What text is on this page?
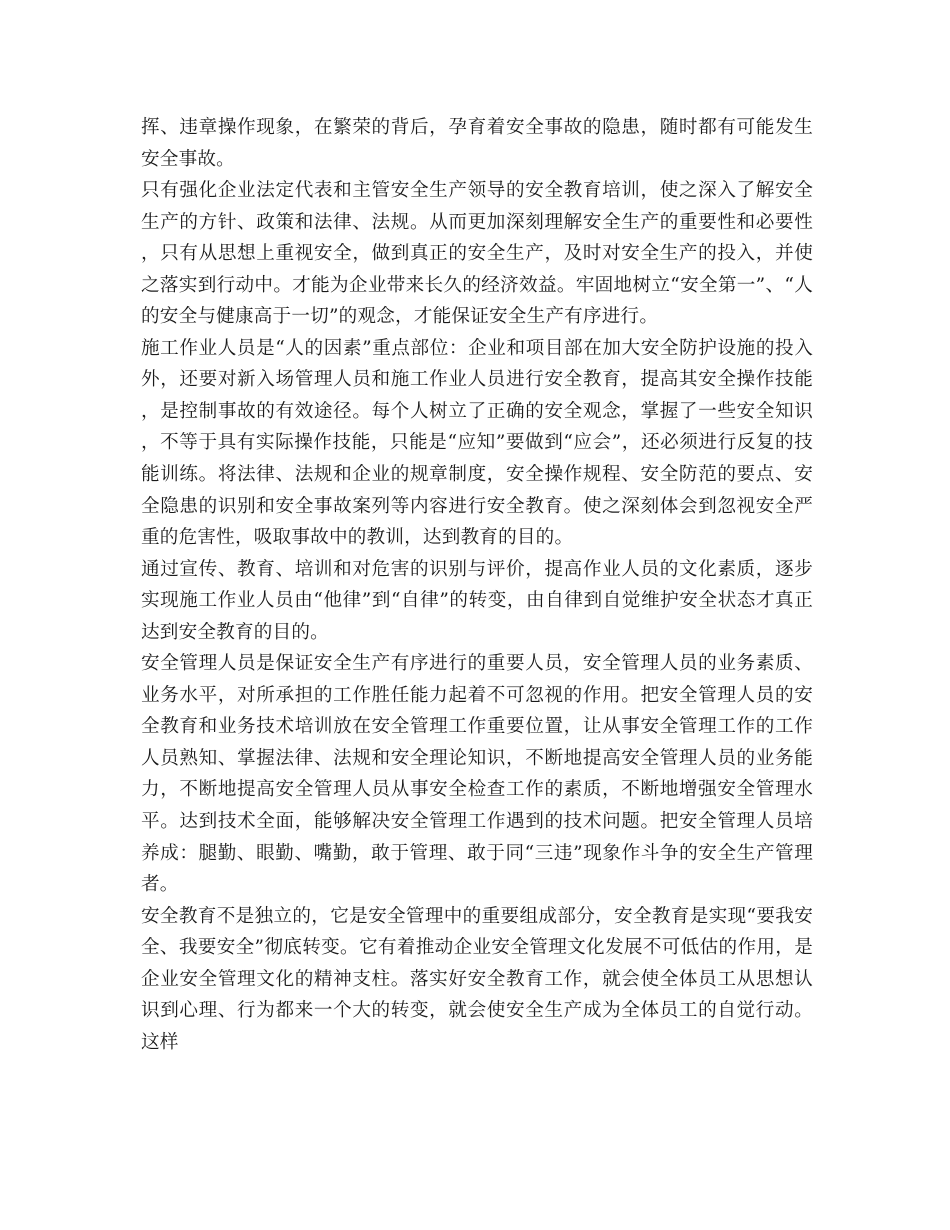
挥、违章操作现象，在繁荣的背后，孕育着安全事故的隐患，随时都有可能发生安全事故。

只有强化企业法定代表和主管安全生产领导的安全教育培训，使之深入了解安全生产的方针、政策和法律、法规。从而更加深刻理解安全生产的重要性和必要性，只有从思想上重视安全，做到真正的安全生产，及时对安全生产的投入，并使之落实到行动中。才能为企业带来长久的经济效益。牢固地树立“安全第一”、“人的安全与健康高于一切”的观念，才能保证安全生产有序进行。

施工作业人员是“人的因素”重点部位：企业和项目部在加大安全防护设施的投入外，还要对新入场管理人员和施工作业人员进行安全教育，提高其安全操作技能，是控制事故的有效途径。每个人树立了正确的安全观念，掌握了一些安全知识，不等于具有实际操作技能，只能是“应知”要做到“应会”，还必须进行反复的技能训练。将法律、法规和企业的规章制度，安全操作规程、安全防范的要点、安全隐患的识别和安全事故案列等内容进行安全教育。使之深刻体会到忽视安全严重的危害性，吸取事故中的教训，达到教育的目的。

通过宣传、教育、培训和对危害的识别与评价，提高作业人员的文化素质，逐步实现施工作业人员由“他律”到“自律”的转变，由自律到自觉维护安全状态才真正达到安全教育的目的。

安全管理人员是保证安全生产有序进行的重要人员，安全管理人员的业务素质、业务水平，对所承担的工作胜任能力起着不可忽视的作用。把安全管理人员的安全教育和业务技术培训放在安全管理工作重要位置，让从事安全管理工作的工作人员熟知、掌握法律、法规和安全理论知识，不断地提高安全管理人员的业务能力，不断地提高安全管理人员从事安全检查工作的素质，不断地增强安全管理水平。达到技术全面，能够解决安全管理工作遇到的技术问题。把安全管理人员培养成：腿勤、眼勤、嘴勤，敢于管理、敢于同“三违”现象作斗争的安全生产管理者。

安全教育不是独立的，它是安全管理中的重要组成部分，安全教育是实现“要我安全、我要安全”彻底转变。它有着推动企业安全管理文化发展不可低估的作用，是企业安全管理文化的精神支柱。落实好安全教育工作，就会使全体员工从思想认识到心理、行为都来一个大的转变，就会使安全生产成为全体员工的自觉行动。这样
